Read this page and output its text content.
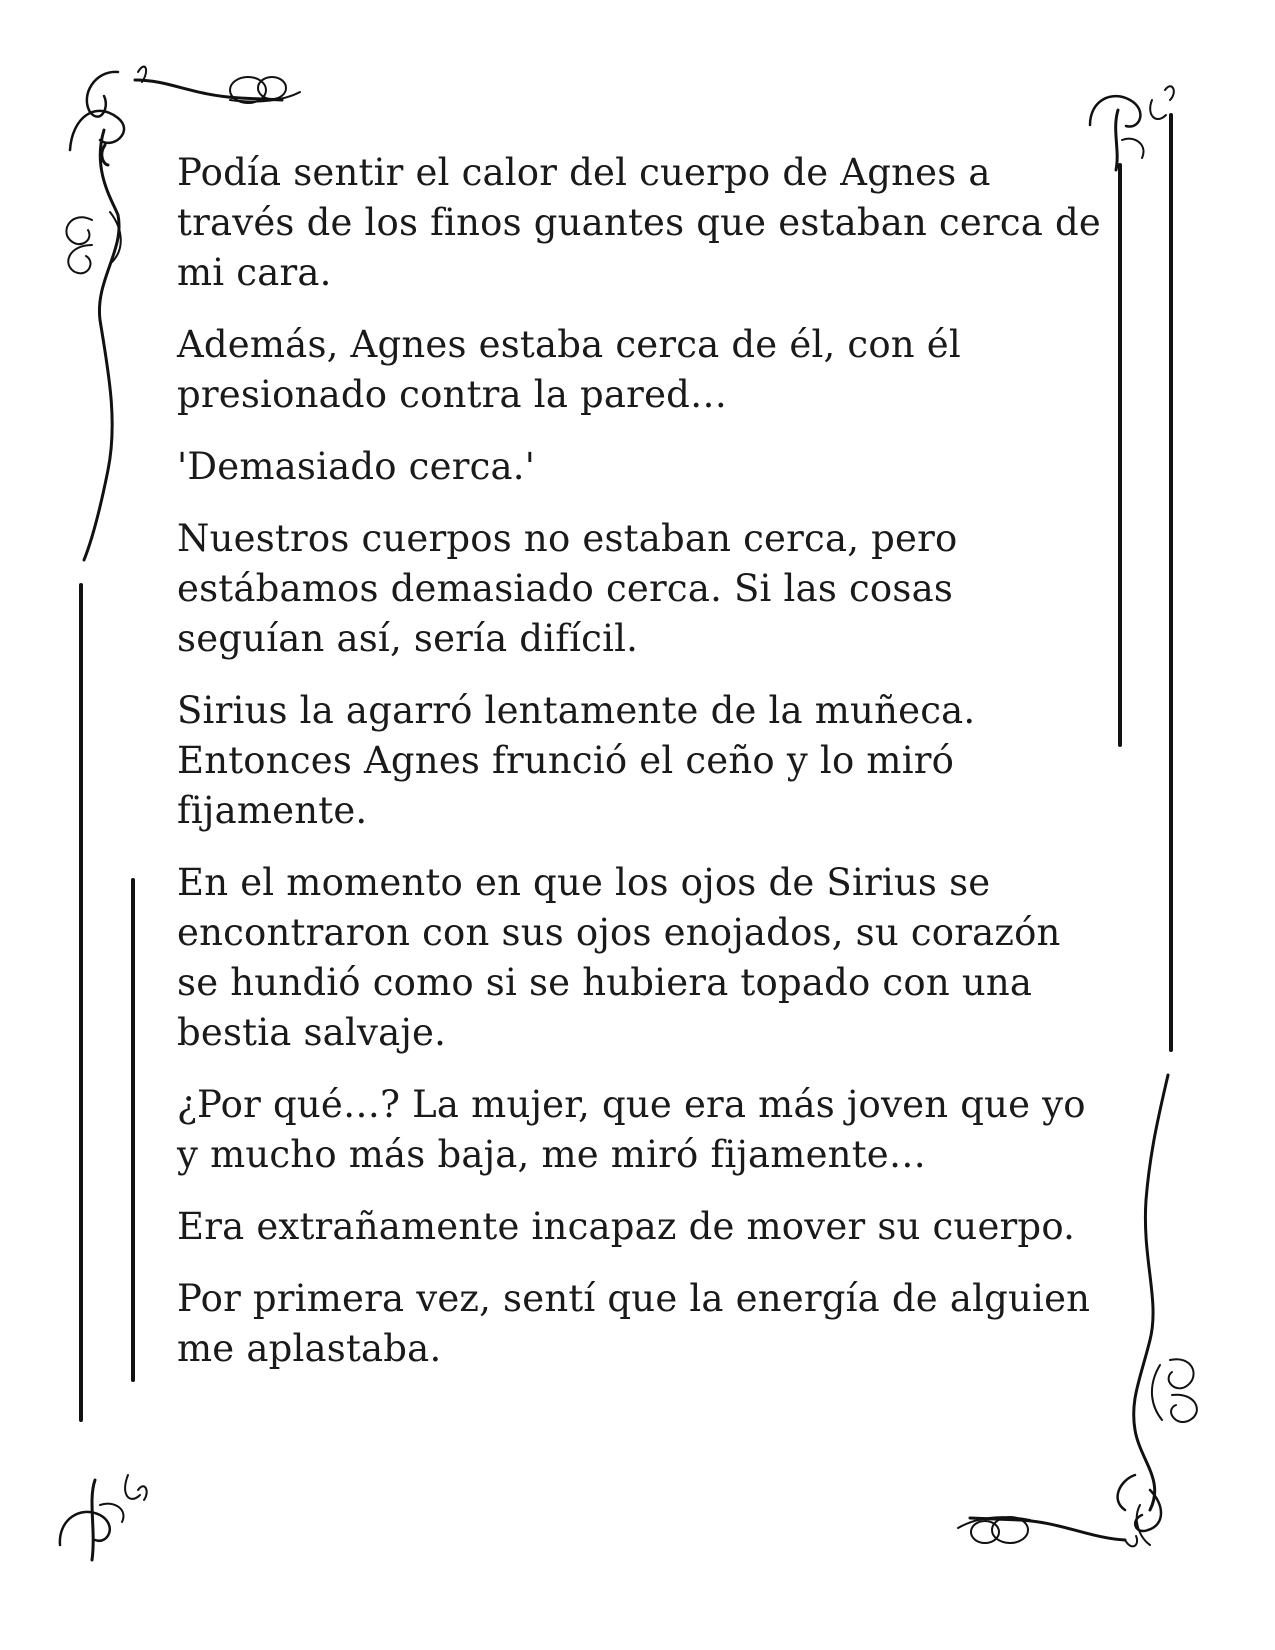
Podía sentir el calor del cuerpo de Agnes a través de los finos guantes que estaban cerca de mi cara.

Además, Agnes estaba cerca de él, con él presionado contra la pared…

'Demasiado cerca.'

Nuestros cuerpos no estaban cerca, pero estábamos demasiado cerca. Si las cosas seguían así, sería difícil.

Sirius la agarró lentamente de la muñeca. Entonces Agnes frunció el ceño y lo miró fijamente.

En el momento en que los ojos de Sirius se encontraron con sus ojos enojados, su corazón se hundió como si se hubiera topado con una bestia salvaje.

¿Por qué…? La mujer, que era más joven que yo y mucho más baja, me miró fijamente…

Era extrañamente incapaz de mover su cuerpo.

Por primera vez, sentí que la energía de alguien me aplastaba.
